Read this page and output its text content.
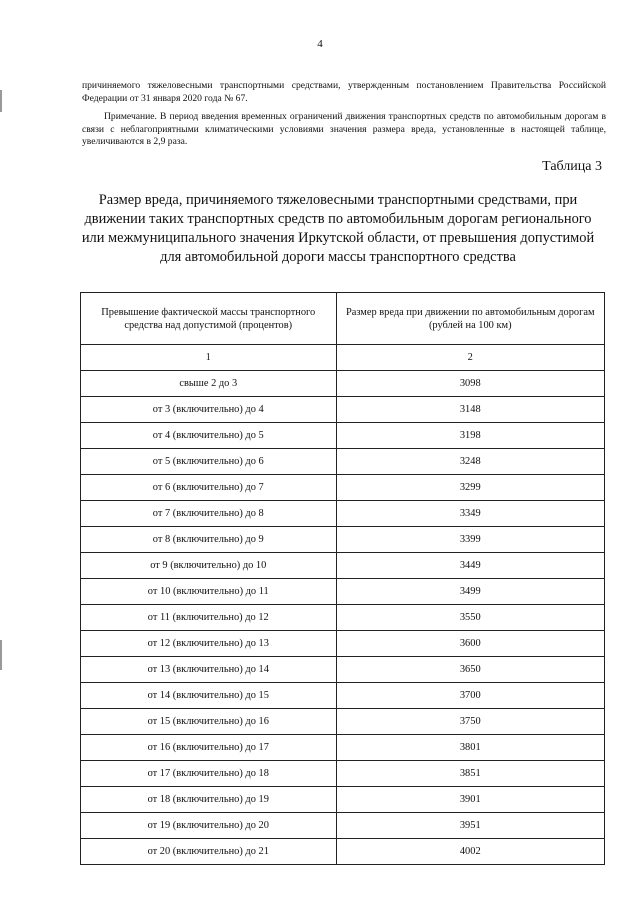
4

причиняемого тяжеловесными транспортными средствами, утвержденным постановлением Правительства Российской Федерации от 31 января 2020 года № 67.

Примечание. В период введения временных ограничений движения транспортных средств по автомобильным дорогам в связи с неблагоприятными климатическими условиями значения размера вреда, установленные в настоящей таблице, увеличиваются в 2,9 раза.

Таблица 3
Размер вреда, причиняемого тяжеловесными транспортными средствами, при движении таких транспортных средств по автомобильным дорогам регионального или межмуниципального значения Иркутской области, от превышения допустимой для автомобильной дороги массы транспортного средства
Превышение фактической массы транспортного средства над допустимой (процентов)	Размер вреда при движении по автомобильным дорогам (рублей на 100 км)
1	2
свыше 2 до 3	3098
от 3 (включительно) до 4	3148
от 4 (включительно) до 5	3198
от 5 (включительно) до 6	3248
от 6 (включительно) до 7	3299
от 7 (включительно) до 8	3349
от 8 (включительно) до 9	3399
от 9 (включительно) до 10	3449
от 10 (включительно) до 11	3499
от 11 (включительно) до 12	3550
от 12 (включительно) до 13	3600
от 13 (включительно) до 14	3650
от 14 (включительно) до 15	3700
от 15 (включительно) до 16	3750
от 16 (включительно) до 17	3801
от 17 (включительно) до 18	3851
от 18 (включительно) до 19	3901
от 19 (включительно) до 20	3951
от 20 (включительно) до 21	4002
